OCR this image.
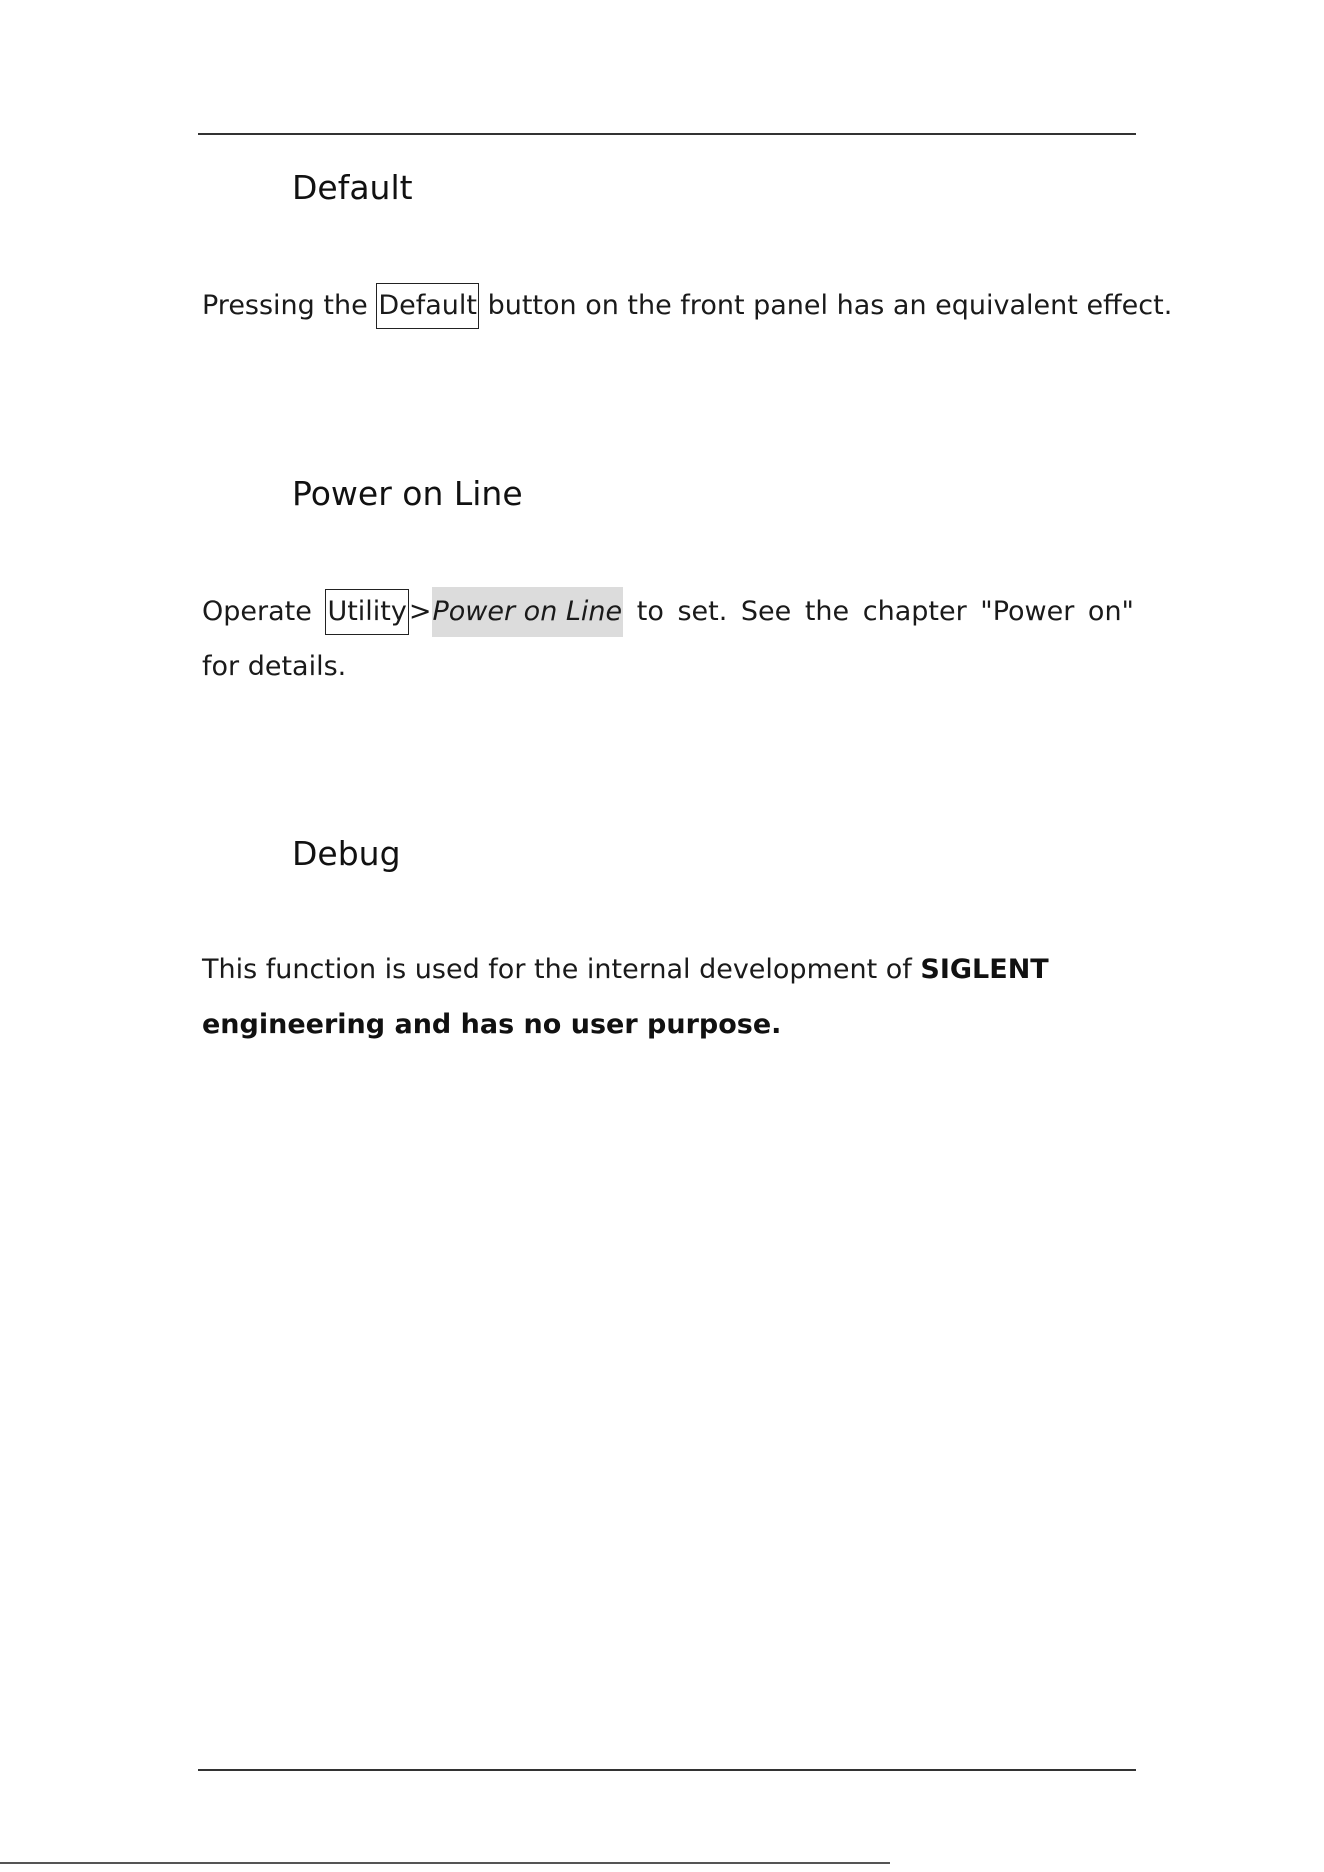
Default

Pressing the Default button on the front panel has an equivalent effect.

Power on Line

Operate Utility>Power on Line to set. See the chapter "Power on" for details.

Debug

This function is used for the internal development of SIGLENT engineering and has no user purpose.
